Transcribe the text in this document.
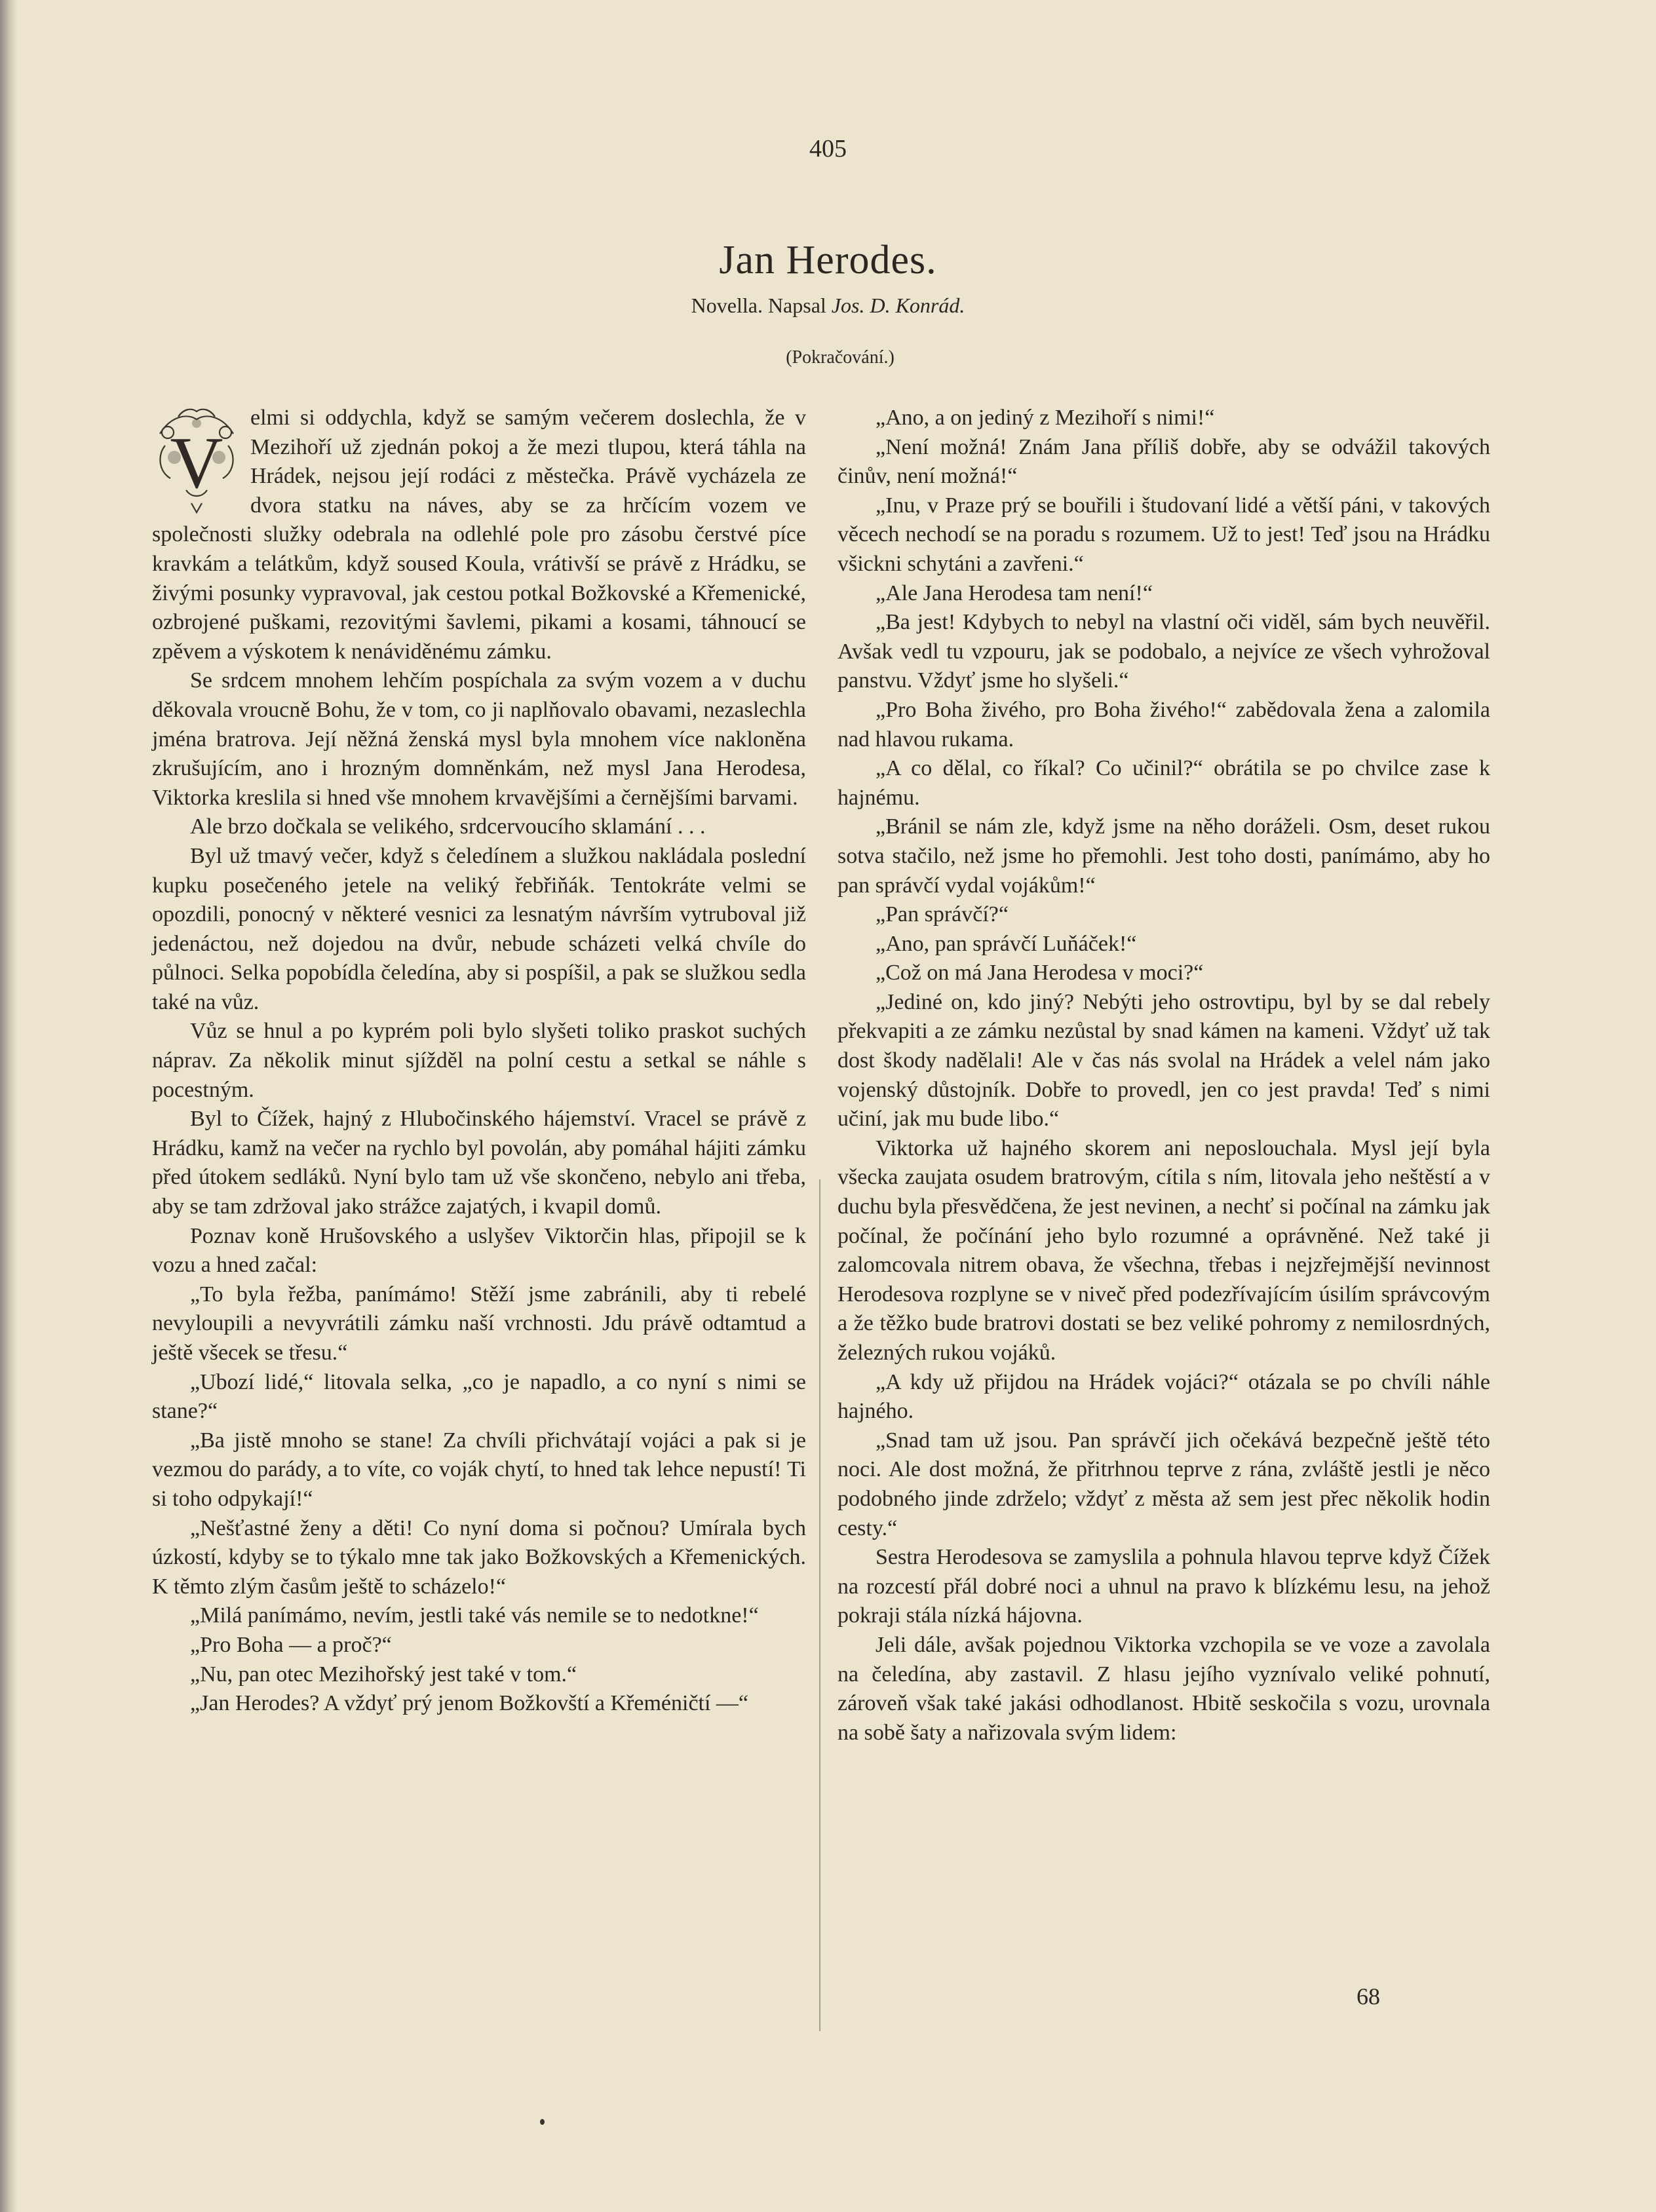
405
Jan Herodes.
Novella. Napsal Jos. D. Konrád.
(Pokračování.)
V

elmi si oddychla, když se samým večerem doslechla, že v Mezihoří už zjednán pokoj a že mezi tlupou, která táhla na Hrádek, nejsou její rodáci z městečka. Právě vycházela ze dvora statku na náves, aby se za hrčícím vozem ve společnosti služky odebrala na odlehlé pole pro zásobu čerstvé píce kravkám a telátkům, když soused Koula, vrátivší se právě z Hrádku, se živými posunky vypravoval, jak cestou potkal Božkovské a Křemenické, ozbrojené puškami, rezovitými šavlemi, pikami a kosami, táhnoucí se zpěvem a výskotem k nenáviděnému zámku.

Se srdcem mnohem lehčím pospíchala za svým vozem a v duchu děkovala vroucně Bohu, že v tom, co ji naplňovalo obavami, nezaslechla jména bratrova. Její něžná ženská mysl byla mnohem více nakloněna zkrušujícím, ano i hrozným domněnkám, než mysl Jana Herodesa, Viktorka kreslila si hned vše mnohem krvavějšími a černějšími barvami.

Ale brzo dočkala se velikého, srdcervoucího sklamání . . .

Byl už tmavý večer, když s čeledínem a služkou nakládala poslední kupku posečeného jetele na veliký řebřiňák. Tentokráte velmi se opozdili, ponocný v některé vesnici za lesnatým návrším vytruboval již jedenáctou, než dojedou na dvůr, nebude scházeti velká chvíle do půlnoci. Selka popobídla čeledína, aby si pospíšil, a pak se služkou sedla také na vůz.

Vůz se hnul a po kyprém poli bylo slyšeti toliko praskot suchých náprav. Za několik minut sjížděl na polní cestu a setkal se náhle s pocestným.

Byl to Čížek, hajný z Hlubočinského hájemství. Vracel se právě z Hrádku, kamž na večer na rychlo byl povolán, aby pomáhal hájiti zámku před útokem sedláků. Nyní bylo tam už vše skončeno, nebylo ani třeba, aby se tam zdržoval jako strážce zajatých, i kvapil domů.

Poznav koně Hrušovského a uslyšev Viktorčin hlas, připojil se k vozu a hned začal:

„To byla řežba, panímámo! Stěží jsme zabránili, aby ti rebelé nevyloupili a nevyvrátili zámku naší vrchnosti. Jdu právě odtamtud a ještě všecek se třesu.“

„Ubozí lidé,“ litovala selka, „co je napadlo, a co nyní s nimi se stane?“

„Ba jistě mnoho se stane! Za chvíli přichvátají vojáci a pak si je vezmou do parády, a to víte, co voják chytí, to hned tak lehce nepustí! Ti si toho odpykají!“

„Nešťastné ženy a děti! Co nyní doma si počnou? Umírala bych úzkostí, kdyby se to týkalo mne tak jako Božkovských a Křemenických. K těmto zlým časům ještě to scházelo!“

„Milá panímámo, nevím, jestli také vás nemile se to nedotkne!“

„Pro Boha — a proč?“

„Nu, pan otec Mezihořský jest také v tom.“

„Jan Herodes? A vždyť prý jenom Božkovští a Křeméničtí —“

„Ano, a on jediný z Mezihoří s nimi!“

„Není možná! Znám Jana příliš dobře, aby se odvážil takových činův, není možná!“

„Inu, v Praze prý se bouřili i študovaní lidé a větší páni, v takových věcech nechodí se na poradu s rozumem. Už to jest! Teď jsou na Hrádku všickni schytáni a zavřeni.“

„Ale Jana Herodesa tam není!“

„Ba jest! Kdybych to nebyl na vlastní oči viděl, sám bych neuvěřil. Avšak vedl tu vzpouru, jak se podobalo, a nejvíce ze všech vyhrožoval panstvu. Vždyť jsme ho slyšeli.“

„Pro Boha živého, pro Boha živého!“ zabědovala žena a zalomila nad hlavou rukama.

„A co dělal, co říkal? Co učinil?“ obrátila se po chvilce zase k hajnému.

„Bránil se nám zle, když jsme na něho doráželi. Osm, deset rukou sotva stačilo, než jsme ho přemohli. Jest toho dosti, panímámo, aby ho pan správčí vydal vojákům!“

„Pan správčí?“

„Ano, pan správčí Luňáček!“

„Což on má Jana Herodesa v moci?“

„Jediné on, kdo jiný? Nebýti jeho ostrovtipu, byl by se dal rebely překvapiti a ze zámku nezůstal by snad kámen na kameni. Vždyť už tak dost škody nadělali! Ale v čas nás svolal na Hrádek a velel nám jako vojenský důstojník. Dobře to provedl, jen co jest pravda! Teď s nimi učiní, jak mu bude libo.“

Viktorka už hajného skorem ani neposlouchala. Mysl její byla všecka zaujata osudem bratrovým, cítila s ním, litovala jeho neštěstí a v duchu byla přesvědčena, že jest nevinen, a nechť si počínal na zámku jak počínal, že počínání jeho bylo rozumné a oprávněné. Než také ji zalomcovala nitrem obava, že všechna, třebas i nejzřejmější nevinnost Herodesova rozplyne se v niveč před podezřívajícím úsilím správcovým a že těžko bude bratrovi dostati se bez veliké pohromy z nemilosrdných, železných rukou vojáků.

„A kdy už přijdou na Hrádek vojáci?“ otázala se po chvíli náhle hajného.

„Snad tam už jsou. Pan správčí jich očekává bezpečně ještě této noci. Ale dost možná, že přitrhnou teprve z rána, zvláště jestli je něco podobného jinde zdrželo; vždyť z města až sem jest přec několik hodin cesty.“

Sestra Herodesova se zamyslila a pohnula hlavou teprve když Čížek na rozcestí přál dobré noci a uhnul na pravo k blízkému lesu, na jehož pokraji stála nízká hájovna.

Jeli dále, avšak pojednou Viktorka vzchopila se ve voze a zavolala na čeledína, aby zastavil. Z hlasu jejího vyznívalo veliké pohnutí, zároveň však také jakási odhodlanost. Hbitě seskočila s vozu, urovnala na sobě šaty a nařizovala svým lidem:

68
